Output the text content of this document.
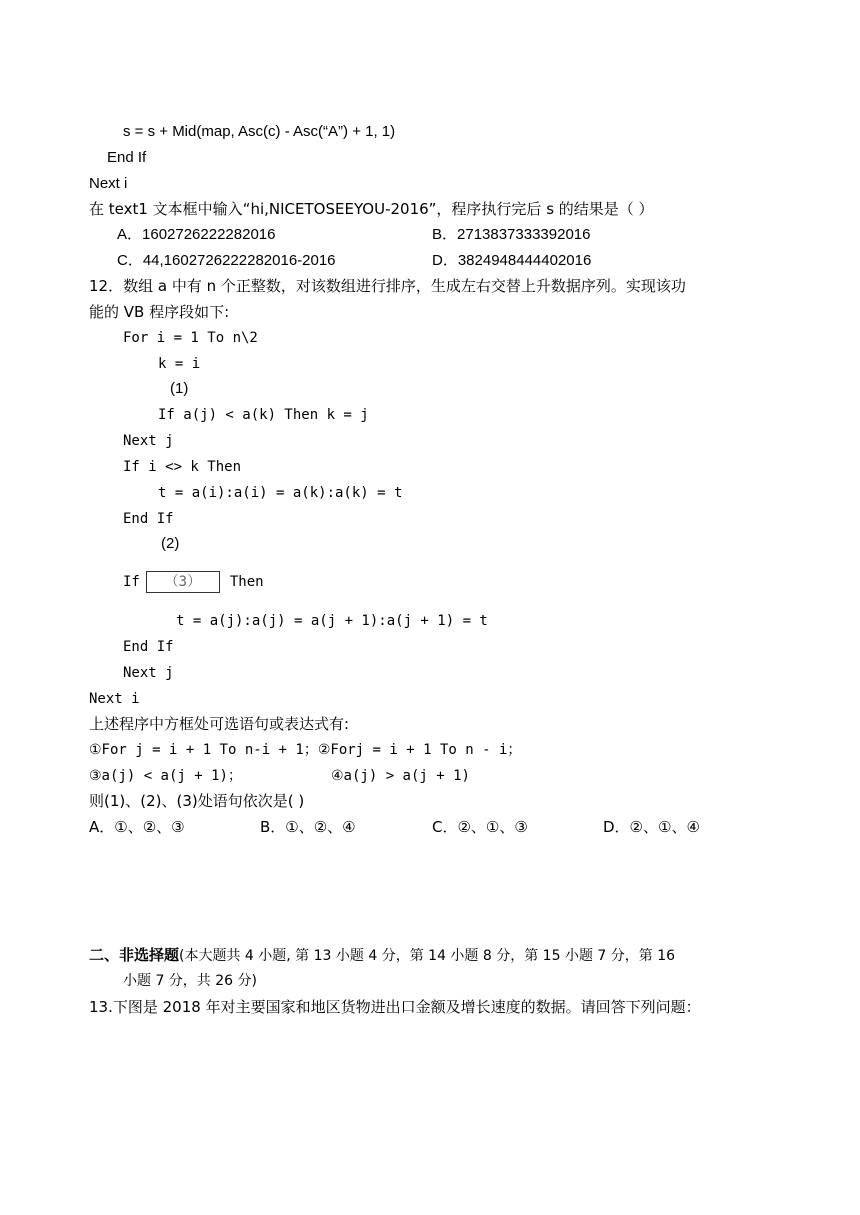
s = s + Mid(map, Asc(c) - Asc(“A”) + 1, 1)
End If
Next i
在 text1 文本框中输入“hi,NICETOSEEYOU-2016”，程序执行完后 s 的结果是（ ）
A．1602726222282016	B．2713837333392016
C．44,1602726222282016-2016	D．3824948444402016
12．数组 a 中有 n 个正整数，对该数组进行排序，生成左右交替上升数据序列。实现该功
能的 VB 程序段如下:
For i = 1 To n\2
k = i
(1)
If a(j) < a(k) Then k = j
Next j
If i <> k Then
t = a(i):a(i) = a(k):a(k) = t
End If
(2)
If （3） Then
t = a(j):a(j) = a(j + 1):a(j + 1) = t
End If
Next j
Next i
上述程序中方框处可选语句或表达式有:
①For j = i + 1 To n-i + 1；②Forj = i + 1 To n - i；
③a(j) < a(j + 1)；	④a(j) > a(j + 1)
则(1)、(2)、(3)处语句依次是( )
A．①、②、③	B．①、②、④	C．②、①、③	D．②、①、④
二、非选择题(本大题共 4 小题, 第 13 小题 4 分，第 14 小题 8 分，第 15 小题 7 分，第 16
小题 7 分，共 26 分)
13.下图是 2018 年对主要国家和地区货物进出口金额及增长速度的数据。请回答下列问题：
